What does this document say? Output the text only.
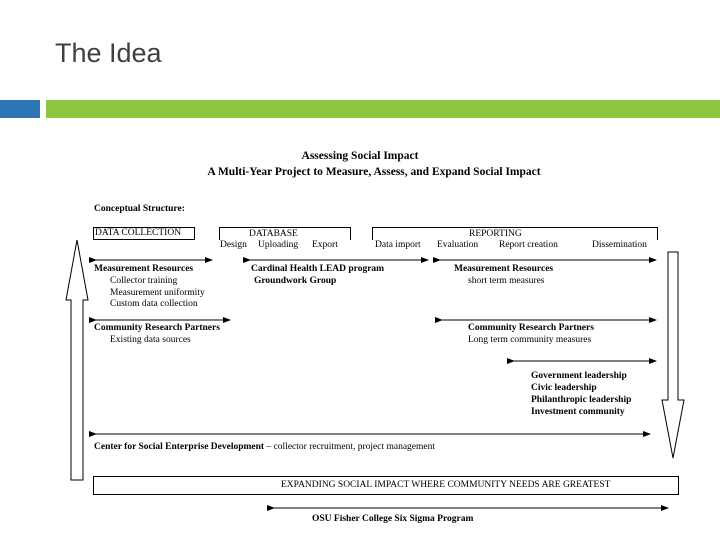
The Idea
Assessing Social Impact
A Multi-Year Project to Measure, Assess, and Expand Social Impact
Conceptual Structure:
DATA COLLECTION	DATABASE	REPORTING
Design Uploading Export	Data import Evaluation Report creation	Dissemination
Measurement Resources
Collector training
Measurement uniformity
Custom data collection
Cardinal Health LEAD program
Groundwork Group
Measurement Resources
short term measures
Community Research Partners
Existing data sources
Community Research Partners
Long term community measures
Government leadership
Civic leadership
Philanthropic leadership
Investment community
Center for Social Enterprise Development – collector recruitment, project management
EXPANDING SOCIAL IMPACT WHERE COMMUNITY NEEDS ARE GREATEST
OSU Fisher College Six Sigma Program
